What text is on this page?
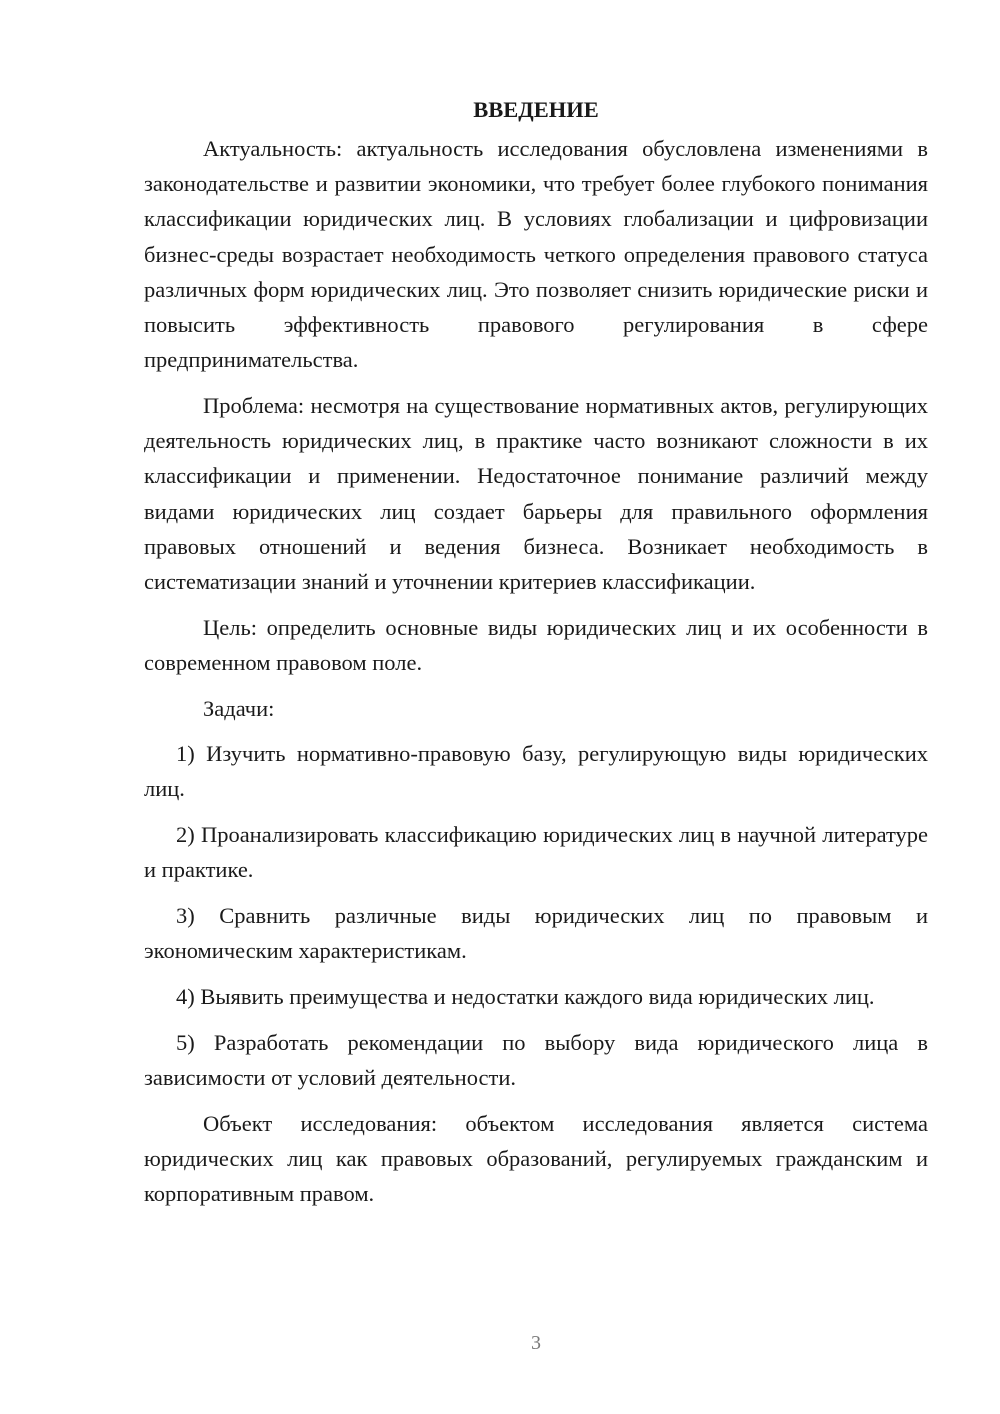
ВВЕДЕНИЕ

Актуальность: актуальность исследования обусловлена изменениями в законодательстве и развитии экономики, что требует более глубокого понимания классификации юридических лиц. В условиях глобализации и цифровизации бизнес-среды возрастает необходимость четкого определения правового статуса различных форм юридических лиц. Это позволяет снизить юридические риски и повысить эффективность правового регулирования в сфере предпринимательства.

Проблема: несмотря на существование нормативных актов, регулирующих деятельность юридических лиц, в практике часто возникают сложности в их классификации и применении. Недостаточное понимание различий между видами юридических лиц создает барьеры для правильного оформления правовых отношений и ведения бизнеса. Возникает необходимость в систематизации знаний и уточнении критериев классификации.

Цель: определить основные виды юридических лиц и их особенности в современном правовом поле.

Задачи:

1) Изучить нормативно-правовую базу, регулирующую виды юридических лиц.

2) Проанализировать классификацию юридических лиц в научной литературе и практике.

3) Сравнить различные виды юридических лиц по правовым и экономическим характеристикам.

4) Выявить преимущества и недостатки каждого вида юридических лиц.

5) Разработать рекомендации по выбору вида юридического лица в зависимости от условий деятельности.

Объект исследования: объектом исследования является система юридических лиц как правовых образований, регулируемых гражданским и корпоративным правом.

3
